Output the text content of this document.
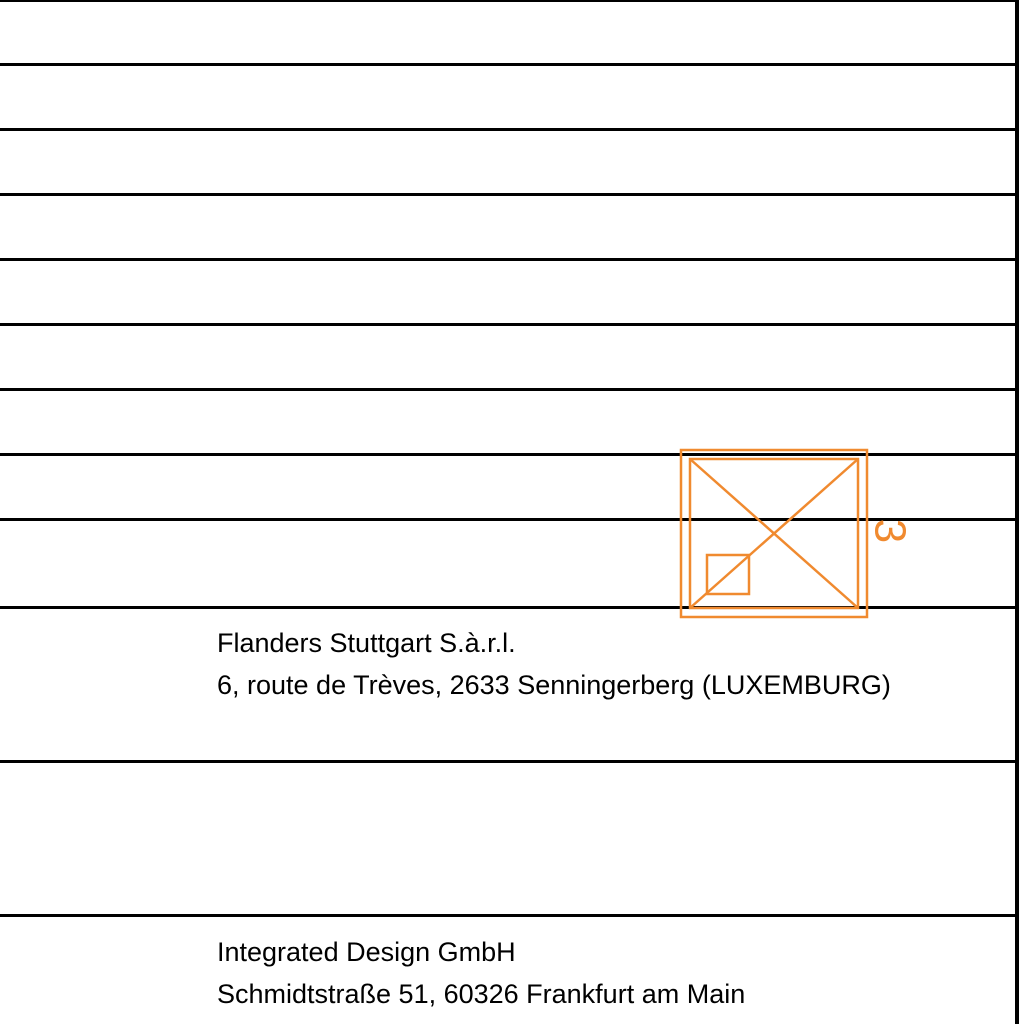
3
Flanders Stuttgart S.à.r.l.
6, route de Trèves, 2633 Senningerberg (LUXEMBURG)
Integrated Design GmbH
Schmidtstraße 51, 60326 Frankfurt am Main
